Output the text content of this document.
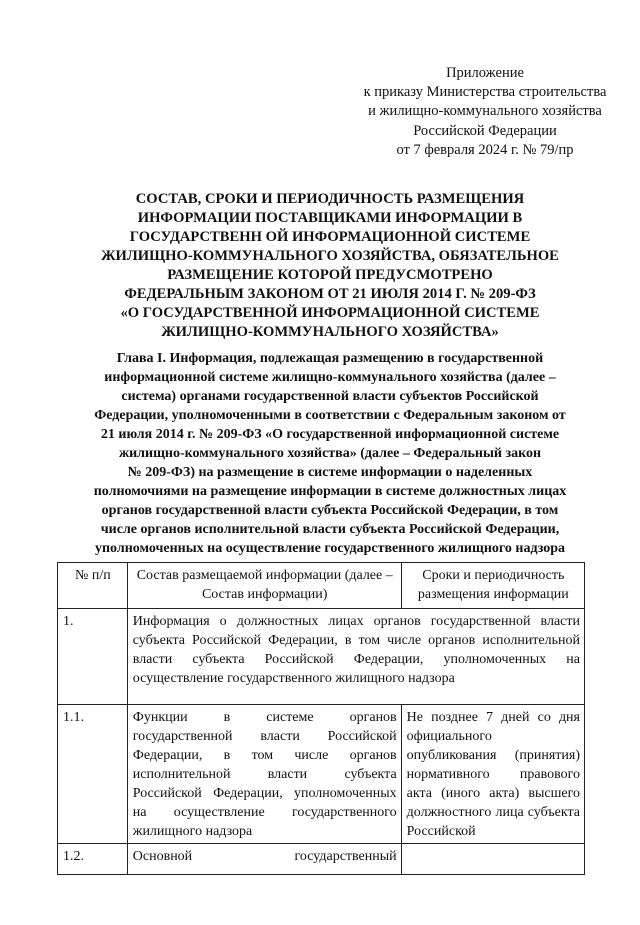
Приложение
к приказу Министерства строительства
и жилищно-коммунального хозяйства
Российской Федерации
от 7 февраля 2024 г. № 79/пр
СОСТАВ, СРОКИ И ПЕРИОДИЧНОСТЬ РАЗМЕЩЕНИЯ
ИНФОРМАЦИИ ПОСТАВЩИКАМИ ИНФОРМАЦИИ В
ГОСУДАРСТВЕНН ОЙ ИНФОРМАЦИОННОЙ СИСТЕМЕ
ЖИЛИЩНО-КОММУНАЛЬНОГО ХОЗЯЙСТВА, ОБЯЗАТЕЛЬНОЕ
РАЗМЕЩЕНИЕ КОТОРОЙ ПРЕДУСМОТРЕНО
ФЕДЕРАЛЬНЫМ ЗАКОНОМ ОТ 21 ИЮЛЯ 2014 Г. № 209-ФЗ
«О ГОСУДАРСТВЕННОЙ ИНФОРМАЦИОННОЙ СИСТЕМЕ
ЖИЛИЩНО-КОММУНАЛЬНОГО ХОЗЯЙСТВА»
Глава I. Информация, подлежащая размещению в государственной
информационной системе жилищно-коммунального хозяйства (далее –
система) органами государственной власти субъектов Российской
Федерации, уполномоченными в соответствии с Федеральным законом от
21 июля 2014 г. № 209-ФЗ «О государственной информационной системе
жилищно-коммунального хозяйства» (далее – Федеральный закон
№ 209-ФЗ) на размещение в системе информации о наделенных
полномочиями на размещение информации в системе должностных лицах
органов государственной власти субъекта Российской Федерации, в том
числе органов исполнительной власти субъекта Российской Федерации,
уполномоченных на осуществление государственного жилищного надзора
№ п/п	Состав размещаемой информации (далее – Состав информации)	Сроки и периодичность размещения информации
1.	Информация о должностных лицах органов государственной власти субъекта Российской Федерации, в том числе органов исполнительной власти субъекта Российской Федерации, уполномоченных на осуществление государственного жилищного надзора	
1.1.	Функции в системе органов государственной власти Российской Федерации, в том числе органов исполнительной власти субъекта Российской Федерации, уполномоченных на осуществление государственного жилищного надзора	Не позднее 7 дней со дня официального опубликования (принятия) нормативного правового акта (иного акта) высшего должностного лица субъекта Российской
1.2.	Основной государственный	
